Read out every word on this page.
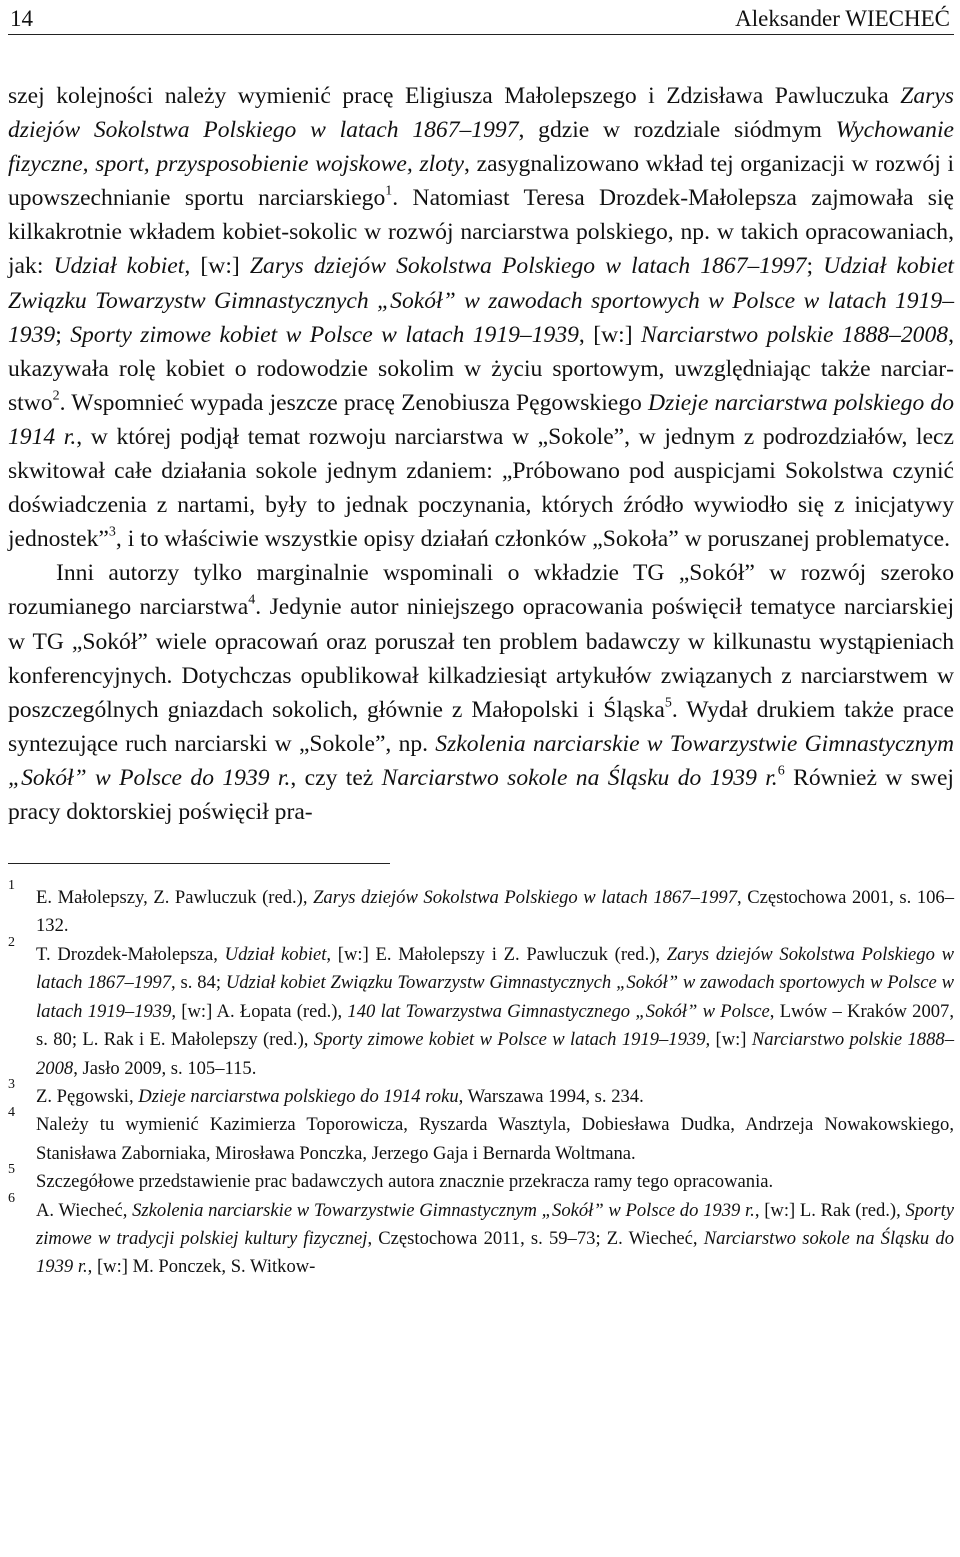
14	Aleksander WIECHEĆ

szej kolejności należy wymienić pracę Eligiusza Małolepszego i Zdzisława Pawluczuka Zarys dziejów Sokolstwa Polskiego w latach 1867–1997, gdzie w rozdziale siódmym Wychowanie fizyczne, sport, przysposobienie wojskowe, zloty, zasygnalizowano wkład tej organizacji w rozwój i upowszechnianie sportu narciarskiego$^1$. Natomiast Teresa Drozdek-Małolepsza zajmowała się kilkakrotnie wkładem kobiet-sokolic w rozwój narciarstwa polskiego, np. w takich opracowaniach, jak: Udział kobiet, [w:] Zarys dziejów Sokolstwa Polskiego w latach 1867–1997; Udział kobiet Związku Towarzystw Gimnastycznych „Sokół” w zawodach sportowych w Polsce w latach 1919–1939; Sporty zimowe kobiet w Polsce w latach 1919–1939, [w:] Narciarstwo polskie 1888–2008, ukazywała rolę kobiet o rodowodzie sokolim w życiu sportowym, uwzględniając także narciarstwo$^2$. Wspomnieć wypada jeszcze pracę Zenobiusza Pęgowskiego Dzieje narciarstwa polskiego do 1914 r., w której podjął temat rozwoju narciarstwa w „Sokole”, w jednym z podrozdziałów, lecz skwitował całe działania sokole jednym zdaniem: „Próbowano pod auspicjami Sokolstwa czynić doświadczenia z nartami, były to jednak poczynania, których źródło wywiodło się z inicjatywy jednostek”$^3$, i to właściwie wszystkie opisy działań członków „Sokoła” w poruszanej problematyce.

Inni autorzy tylko marginalnie wspominali o wkładzie TG „Sokół” w rozwój szeroko rozumianego narciarstwa$^4$. Jedynie autor niniejszego opracowania poświęcił tematyce narciarskiej w TG „Sokół” wiele opracowań oraz poruszał ten problem badawczy w kilkunastu wystąpieniach konferencyjnych. Dotychczas opublikował kilkadziesiąt artykułów związanych z narciarstwem w poszczególnych gniazdach sokolich, głównie z Małopolski i Śląska$^5$. Wydał drukiem także prace syntezujące ruch narciarski w „Sokole”, np. Szkolenia narciarskie w Towarzystwie Gimnastycznym „Sokół” w Polsce do 1939 r., czy też Narciarstwo sokole na Śląsku do 1939 r.$^6$ Również w swej pracy doktorskiej poświęcił pra-

1
E. Małolepszy, Z. Pawluczuk (red.), Zarys dziejów Sokolstwa Polskiego w latach 1867–1997, Częstochowa 2001, s. 106–132.
2
T. Drozdek-Małolepsza, Udział kobiet, [w:] E. Małolepszy i Z. Pawluczuk (red.), Zarys dziejów Sokolstwa Polskiego w latach 1867–1997, s. 84; Udział kobiet Związku Towarzystw Gimnastycznych „Sokół” w zawodach sportowych w Polsce w latach 1919–1939, [w:] A. Łopata (red.), 140 lat Towarzystwa Gimnastycznego „Sokół” w Polsce, Lwów – Kraków 2007, s. 80; L. Rak i E. Małolepszy (red.), Sporty zimowe kobiet w Polsce w latach 1919–1939, [w:] Narciarstwo polskie 1888–2008, Jasło 2009, s. 105–115.
3
Z. Pęgowski, Dzieje narciarstwa polskiego do 1914 roku, Warszawa 1994, s. 234.
4
Należy tu wymienić Kazimierza Toporowicza, Ryszarda Wasztyla, Dobiesława Dudka, Andrzeja Nowakowskiego, Stanisława Zaborniaka, Mirosława Ponczka, Jerzego Gaja i Bernarda Woltmana.
5
Szczegółowe przedstawienie prac badawczych autora znacznie przekracza ramy tego opracowania.
6
A. Wiecheć, Szkolenia narciarskie w Towarzystwie Gimnastycznym „Sokół” w Polsce do 1939 r., [w:] L. Rak (red.), Sporty zimowe w tradycji polskiej kultury fizycznej, Częstochowa 2011, s. 59–73; Z. Wiecheć, Narciarstwo sokole na Śląsku do 1939 r., [w:] M. Ponczek, S. Witkow-
